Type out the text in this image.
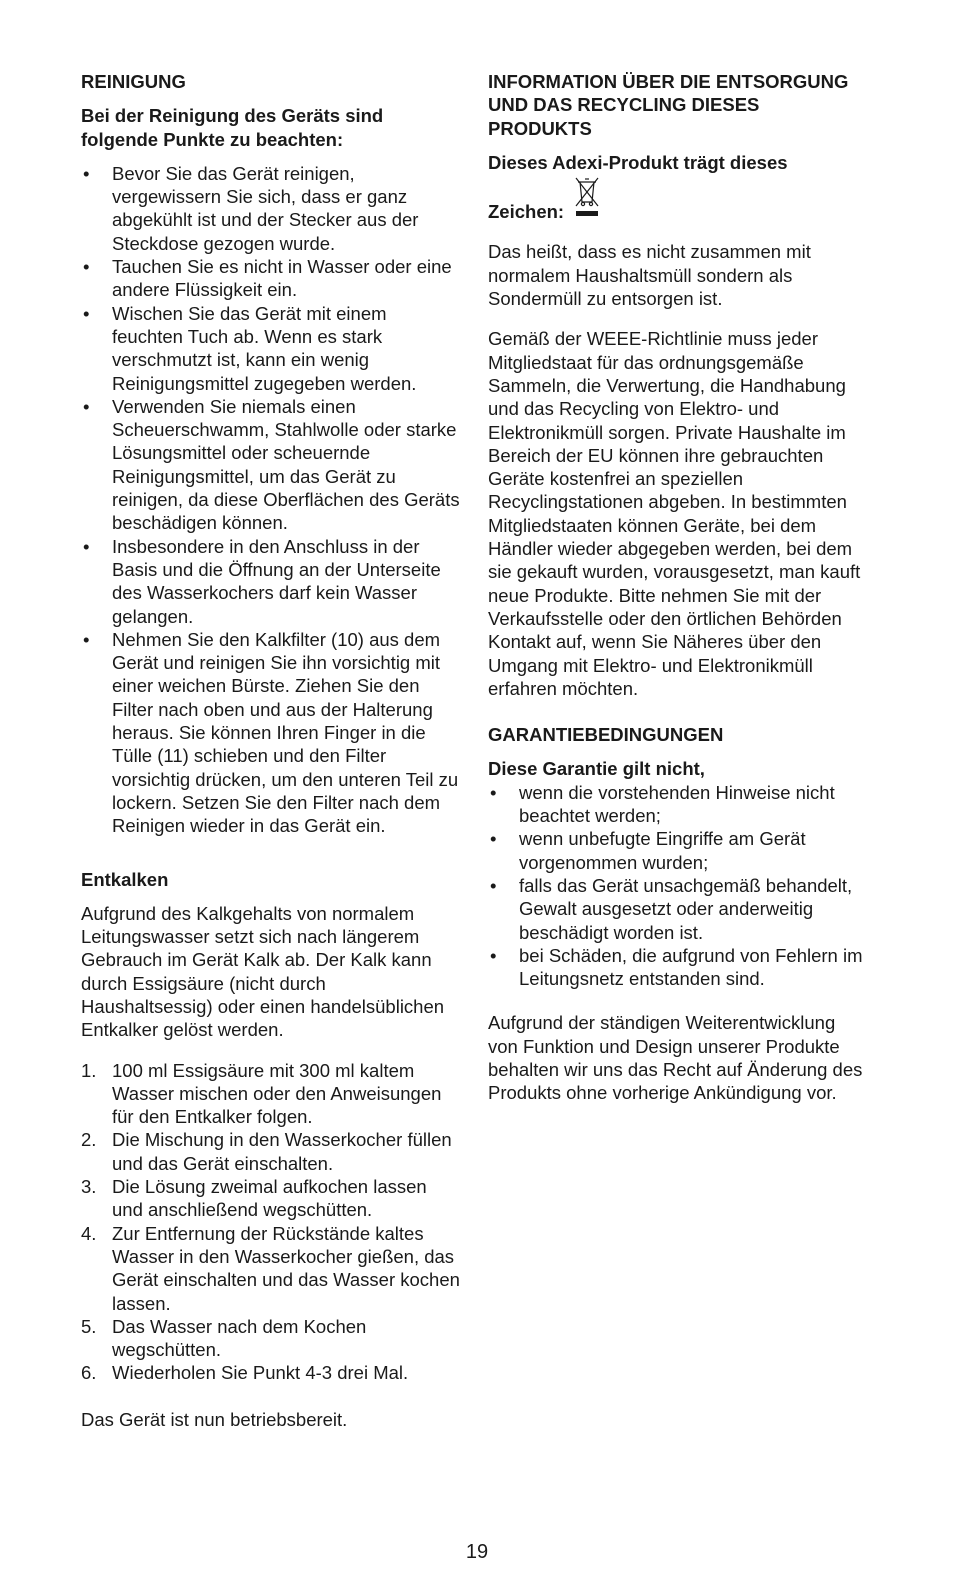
REINIGUNG
Bei der Reinigung des Geräts sind folgende Punkte zu beachten:
• Bevor Sie das Gerät reinigen, vergewissern Sie sich, dass er ganz abgekühlt ist und der Stecker aus der Steckdose gezogen wurde.
• Tauchen Sie es nicht in Wasser oder eine andere Flüssigkeit ein.
• Wischen Sie das Gerät mit einem feuchten Tuch ab. Wenn es stark verschmutzt ist, kann ein wenig Reinigungsmittel zugegeben werden.
• Verwenden Sie niemals einen Scheuerschwamm, Stahlwolle oder starke Lösungsmittel oder scheuernde Reinigungsmittel, um das Gerät zu reinigen, da diese Oberflächen des Geräts beschädigen können.
• Insbesondere in den Anschluss in der Basis und die Öffnung an der Unterseite des Wasserkochers darf kein Wasser gelangen.
• Nehmen Sie den Kalkfilter (10) aus dem Gerät und reinigen Sie ihn vorsichtig mit einer weichen Bürste. Ziehen Sie den Filter nach oben und aus der Halterung heraus. Sie können Ihren Finger in die Tülle (11) schieben und den Filter vorsichtig drücken, um den unteren Teil zu lockern. Setzen Sie den Filter nach dem Reinigen wieder in das Gerät ein.
Entkalken

Aufgrund des Kalkgehalts von normalem Leitungswasser setzt sich nach längerem Gebrauch im Gerät Kalk ab. Der Kalk kann durch Essigsäure (nicht durch Haushaltsessig) oder einen handelsüblichen Entkalker gelöst werden.

1. 100 ml Essigsäure mit 300 ml kaltem Wasser mischen oder den Anweisungen für den Entkalker folgen.
2. Die Mischung in den Wasserkocher füllen und das Gerät einschalten.
3. Die Lösung zweimal aufkochen lassen und anschließend wegschütten.
4. Zur Entfernung der Rückstände kaltes Wasser in den Wasserkocher gießen, das Gerät einschalten und das Wasser kochen lassen.
5. Das Wasser nach dem Kochen wegschütten.
6. Wiederholen Sie Punkt 4-3 drei Mal.

Das Gerät ist nun betriebsbereit.

INFORMATION ÜBER DIE ENTSORGUNG UND DAS RECYCLING DIESES PRODUKTS
Dieses Adexi-Produkt trägt dieses
Zeichen:

Das heißt, dass es nicht zusammen mit normalem Haushaltsmüll sondern als Sondermüll zu entsorgen ist.

Gemäß der WEEE-Richtlinie muss jeder Mitgliedstaat für das ordnungsgemäße Sammeln, die Verwertung, die Handhabung und das Recycling von Elektro- und Elektronikmüll sorgen. Private Haushalte im Bereich der EU können ihre gebrauchten Geräte kostenfrei an speziellen Recyclingstationen abgeben. In bestimmten Mitgliedstaaten können Geräte, bei dem Händler wieder abgegeben werden, bei dem sie gekauft wurden, vorausgesetzt, man kauft neue Produkte. Bitte nehmen Sie mit der Verkaufsstelle oder den örtlichen Behörden Kontakt auf, wenn Sie Näheres über den Umgang mit Elektro- und Elektronikmüll erfahren möchten.

GARANTIEBEDINGUNGEN
Diese Garantie gilt nicht,
• wenn die vorstehenden Hinweise nicht beachtet werden;
• wenn unbefugte Eingriffe am Gerät vorgenommen wurden;
• falls das Gerät unsachgemäß behandelt, Gewalt ausgesetzt oder anderweitig beschädigt worden ist.
• bei Schäden, die aufgrund von Fehlern im Leitungsnetz entstanden sind.

Aufgrund der ständigen Weiterentwicklung von Funktion und Design unserer Produkte behalten wir uns das Recht auf Änderung des Produkts ohne vorherige Ankündigung vor.

19
